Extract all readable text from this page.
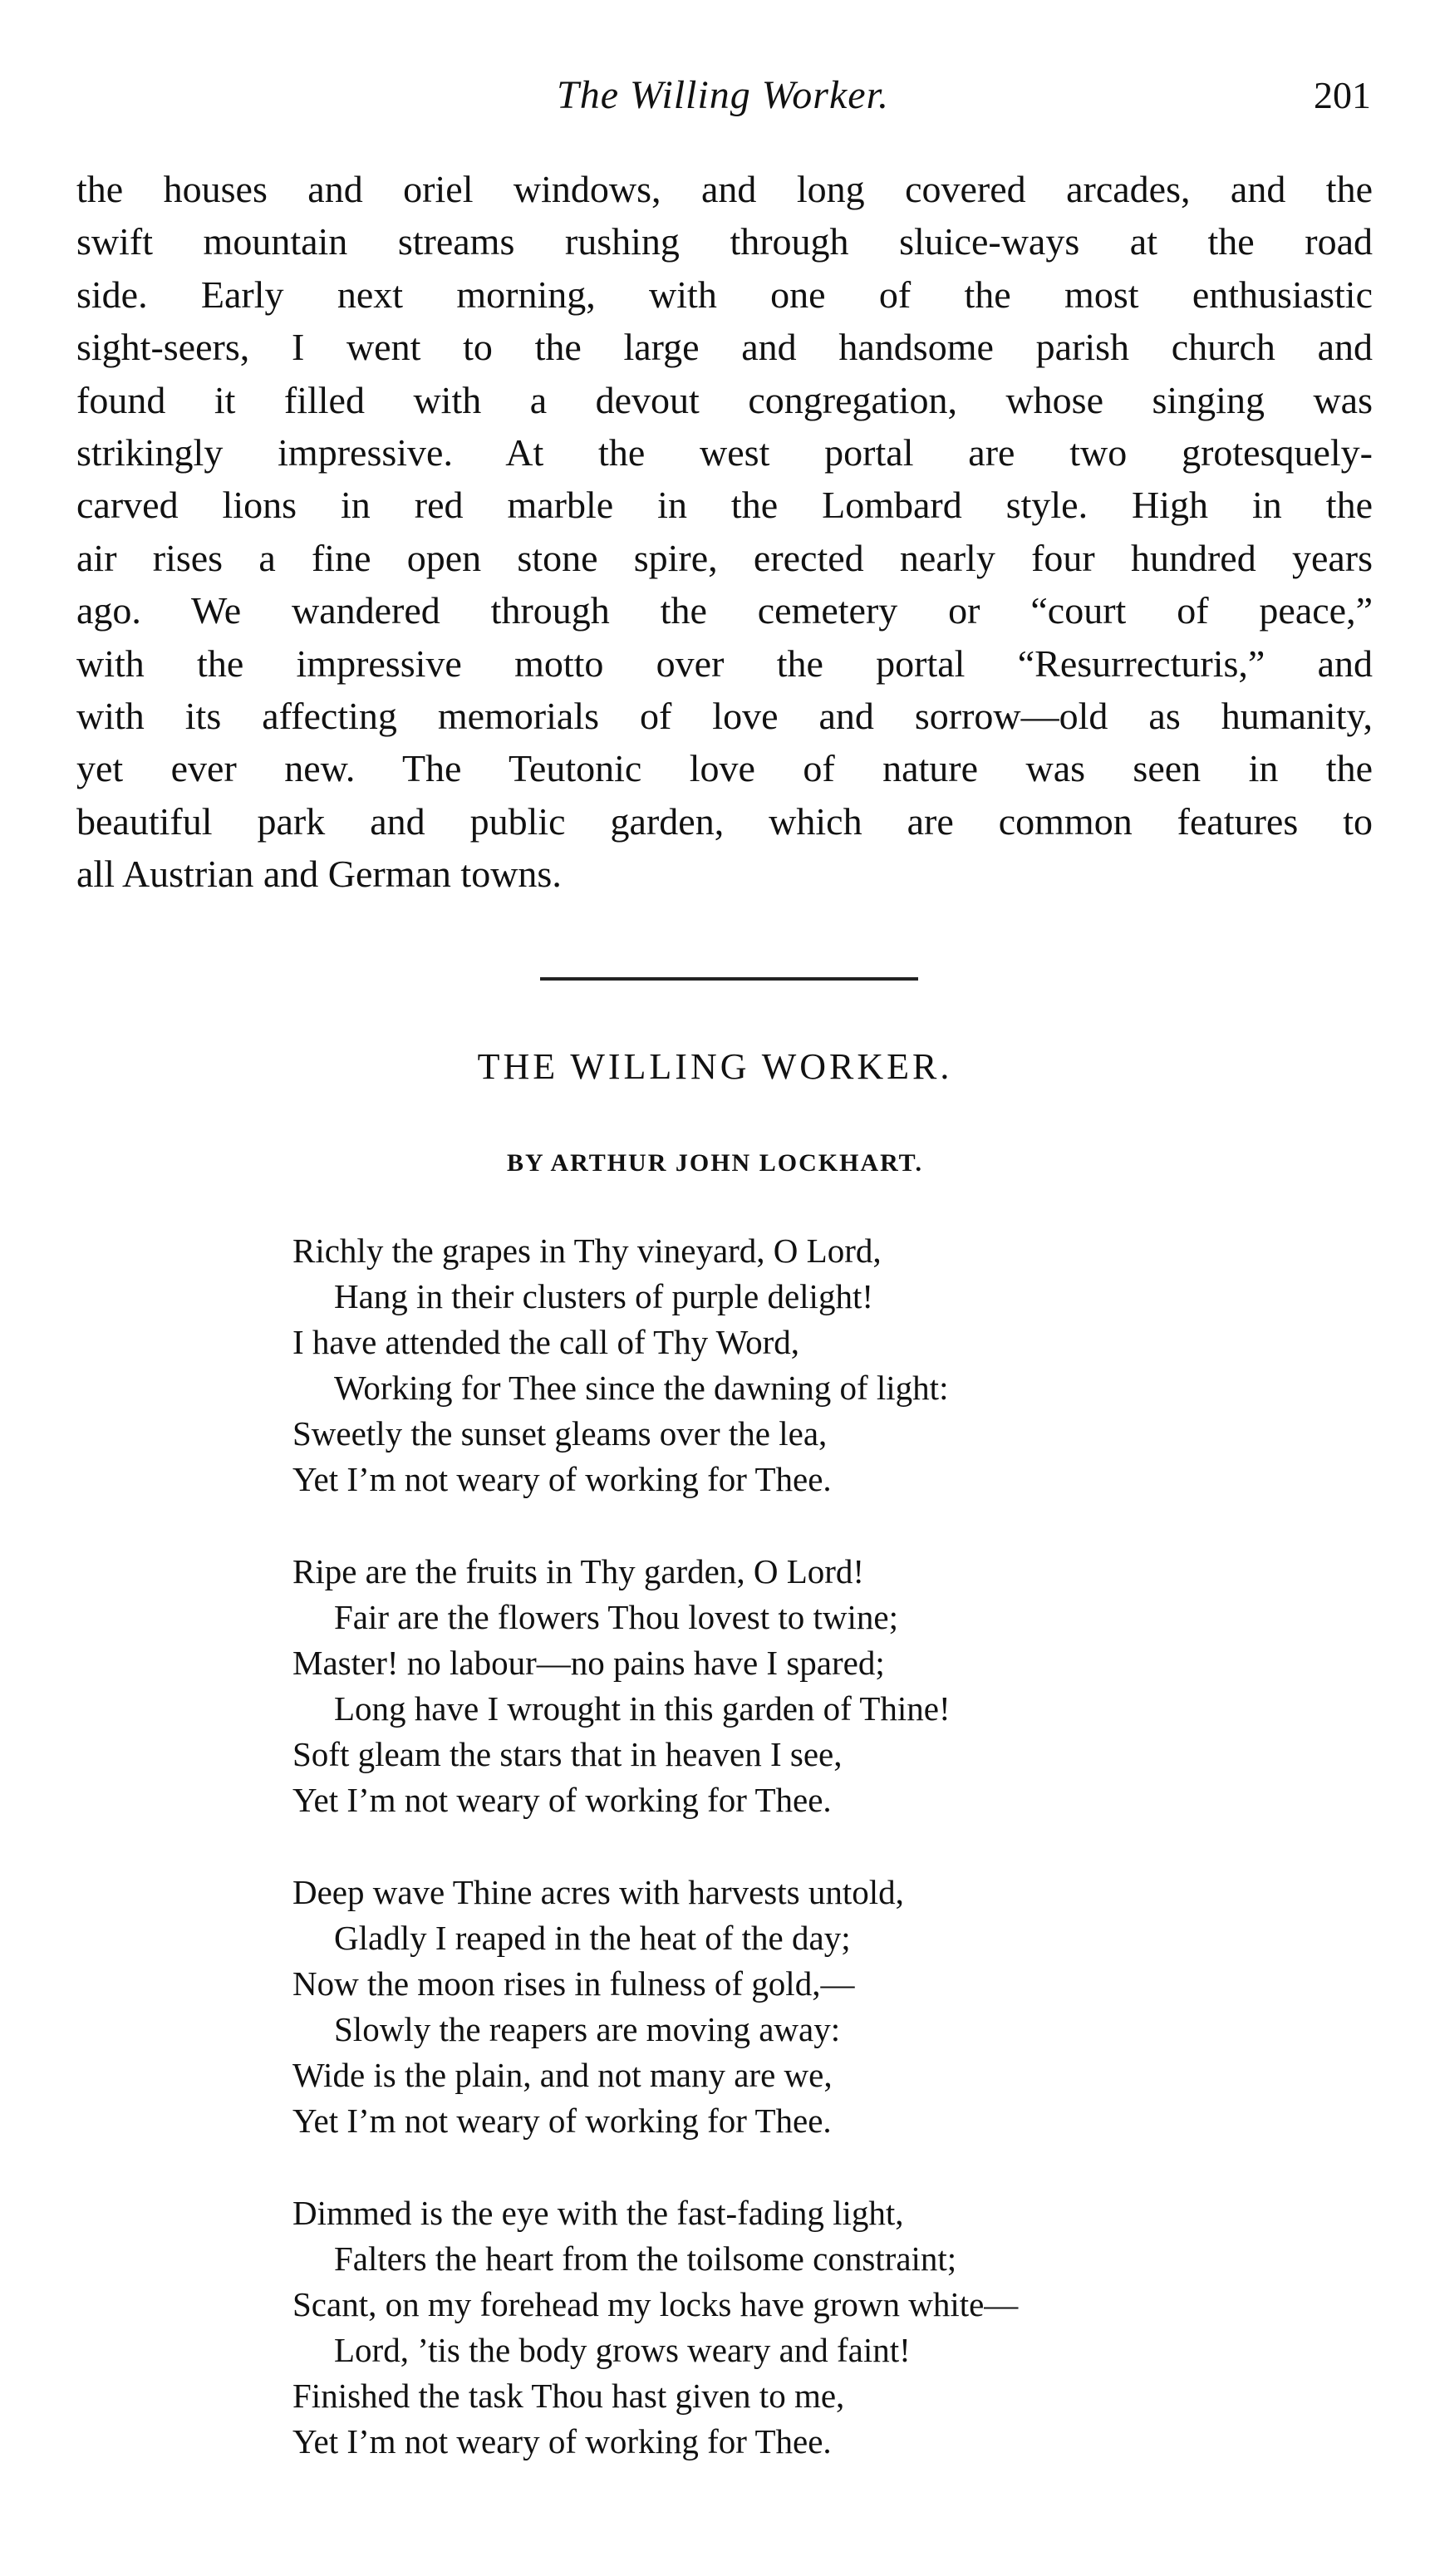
The Willing Worker.	201
the houses and oriel windows, and long covered arcades, and the
swift mountain streams rushing through sluice-ways at the road
side. Early next morning, with one of the most enthusiastic
sight-seers, I went to the large and handsome parish church and
found it filled with a devout congregation, whose singing was
strikingly impressive. At the west portal are two grotesquely-
carved lions in red marble in the Lombard style. High in the
air rises a fine open stone spire, erected nearly four hundred years
ago. We wandered through the cemetery or “court of peace,”
with the impressive motto over the portal “Resurrecturis,” and
with its affecting memorials of love and sorrow—old as humanity,
yet ever new. The Teutonic love of nature was seen in the
beautiful park and public garden, which are common features to
all Austrian and German towns.
THE WILLING WORKER.
BY ARTHUR JOHN LOCKHART.
Richly the grapes in Thy vineyard, O Lord,
Hang in their clusters of purple delight!
I have attended the call of Thy Word,
Working for Thee since the dawning of light:
Sweetly the sunset gleams over the lea,
Yet I’m not weary of working for Thee.
Ripe are the fruits in Thy garden, O Lord!
Fair are the flowers Thou lovest to twine;
Master! no labour—no pains have I spared;
Long have I wrought in this garden of Thine!
Soft gleam the stars that in heaven I see,
Yet I’m not weary of working for Thee.
Deep wave Thine acres with harvests untold,
Gladly I reaped in the heat of the day;
Now the moon rises in fulness of gold,—
Slowly the reapers are moving away:
Wide is the plain, and not many are we,
Yet I’m not weary of working for Thee.
Dimmed is the eye with the fast-fading light,
Falters the heart from the toilsome constraint;
Scant, on my forehead my locks have grown white—
Lord, ’tis the body grows weary and faint!
Finished the task Thou hast given to me,
Yet I’m not weary of working for Thee.
